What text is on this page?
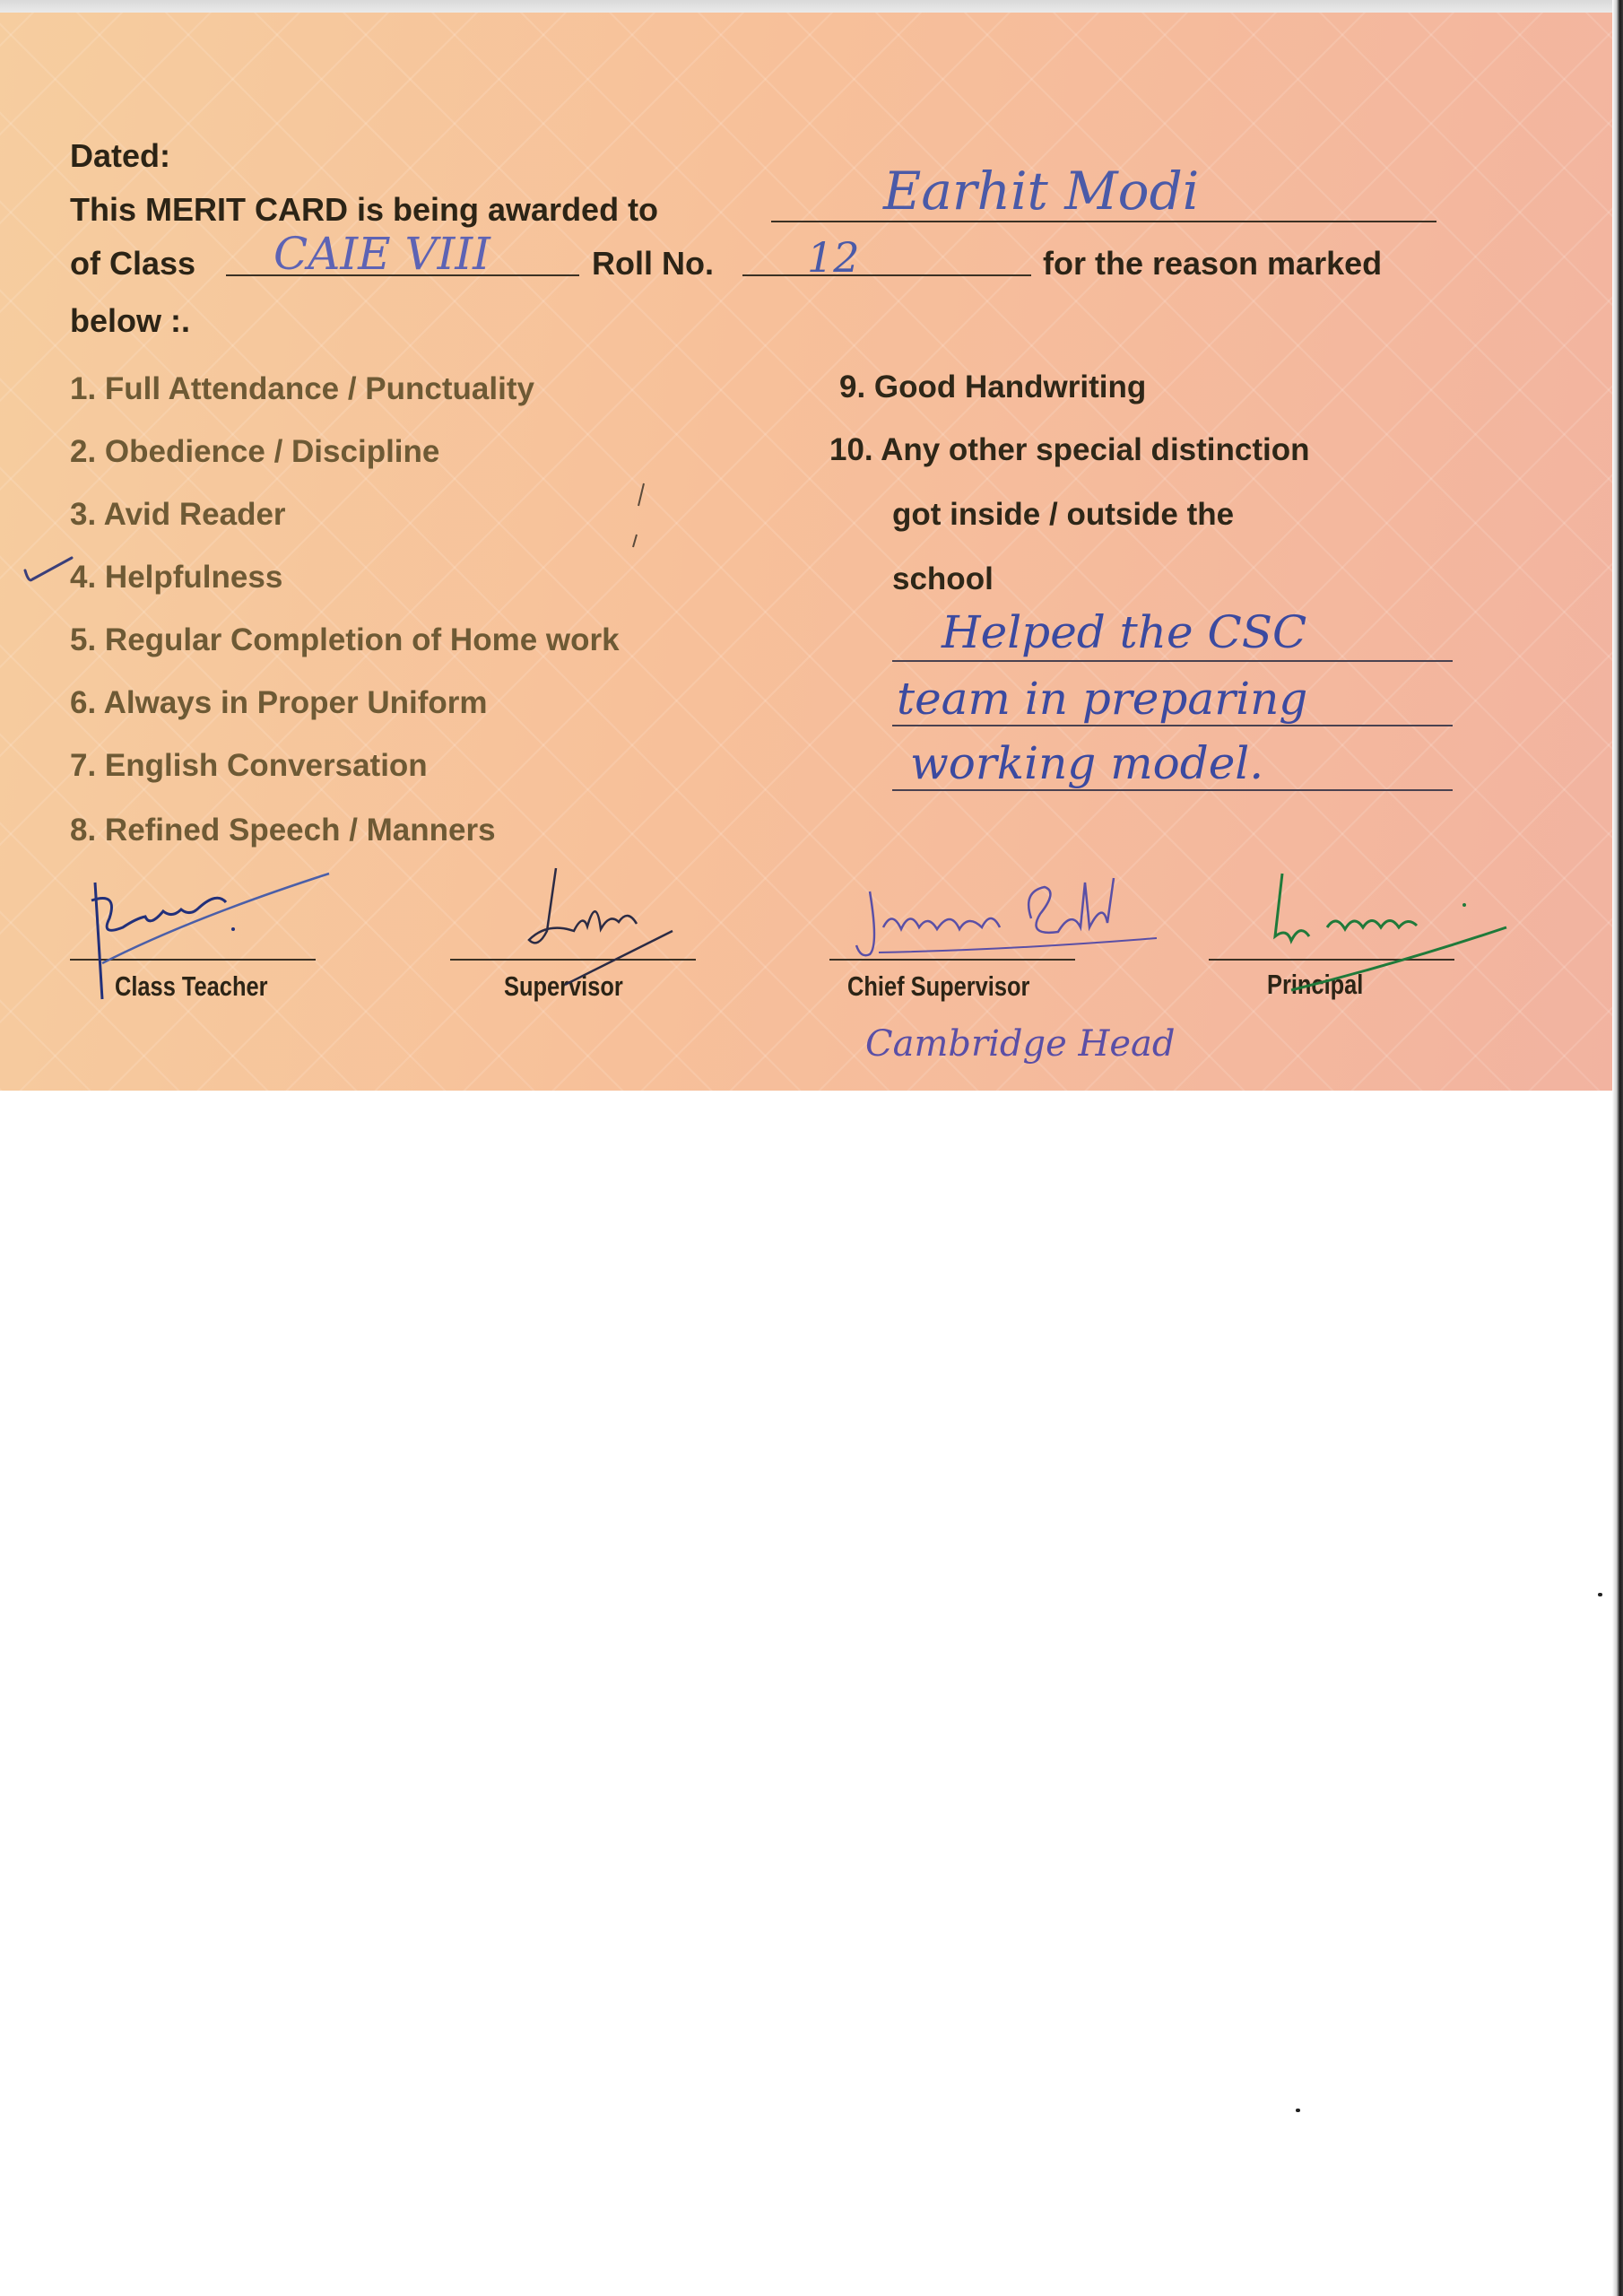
Dated:
This MERIT CARD is being awarded to	Earhit Modi
of Class CAIE VIII	Roll No. 12	for the reason marked
below :.
1. Full Attendance / Punctuality
2. Obedience / Discipline
3. Avid Reader
4. Helpfulness
5. Regular Completion of Home work
6. Always in Proper Uniform
7. English Conversation
8. Refined Speech / Manners
9. Good Handwriting
10. Any other special distinction
got inside / outside the
school
Helped the CSC
team in preparing
working model.
Class Teacher	Supervisor	Chief Supervisor	Principal
Cambridge Head
